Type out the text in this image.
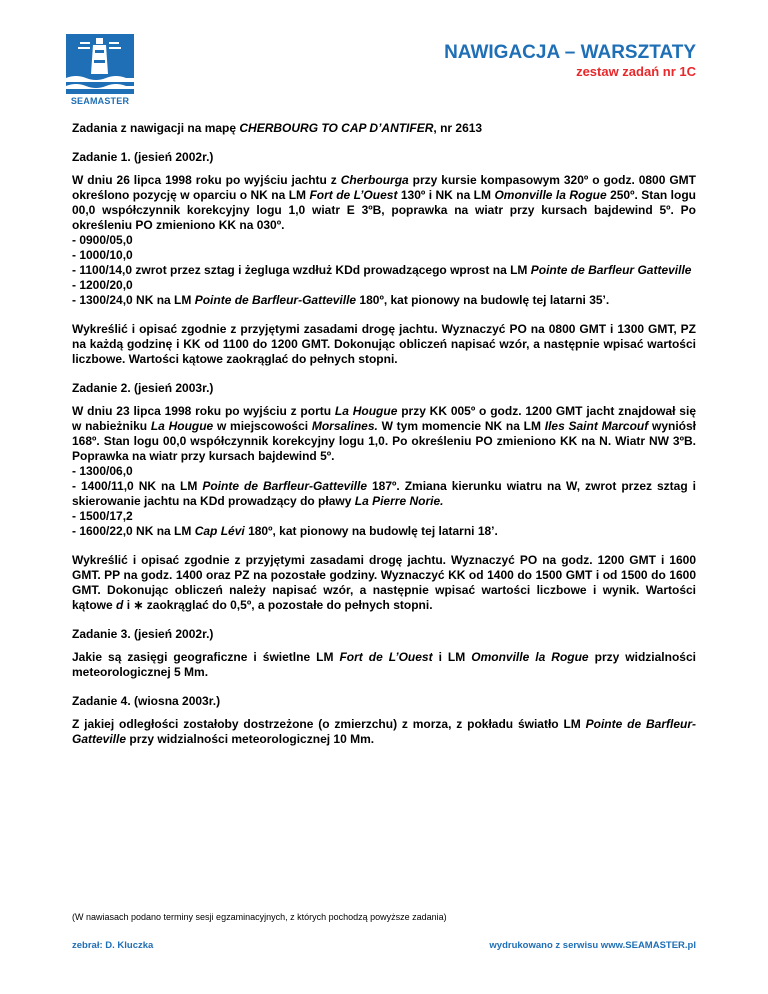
SEAMASTER
NAWIGACJA – WARSZTATY
zestaw zadań nr 1C

Zadania z nawigacji na mapę CHERBOURG TO CAP D’ANTIFER, nr 2613

Zadanie 1. (jesień 2002r.)

W dniu 26 lipca 1998 roku po wyjściu jachtu z Cherbourga przy kursie kompasowym 320º o godz. 0800 GMT określono pozycję w oparciu o NK na LM Fort de L’Ouest 130º i NK na LM Omonville la Rogue 250º. Stan logu 00,0 współczynnik korekcyjny logu 1,0 wiatr E 3ºB, poprawka na wiatr przy kursach bajdewind 5º. Po określeniu PO zmieniono KK na 030º.

- 0900/05,0
- 1000/10,0
- 1100/14,0 zwrot przez sztag i żegluga wzdłuż KDd prowadzącego wprost na LM Pointe de Barfleur Gatteville
- 1200/20,0
- 1300/24,0 NK na LM Pointe de Barfleur-Gatteville 180º, kat pionowy na budowlę tej latarni 35’.

Wykreślić i opisać zgodnie z przyjętymi zasadami drogę jachtu. Wyznaczyć PO na 0800 GMT i 1300 GMT, PZ na każdą godzinę i KK od 1100 do 1200 GMT. Dokonując obliczeń napisać wzór, a następnie wpisać wartości liczbowe. Wartości kątowe zaokrąglać do pełnych stopni.

Zadanie 2. (jesień 2003r.)

W dniu 23 lipca 1998 roku po wyjściu z portu La Hougue przy KK 005º o godz. 1200 GMT jacht znajdował się w nabieżniku La Hougue w miejscowości Morsalines. W tym momencie NK na LM Iles Saint Marcouf wyniósł 168º. Stan logu 00,0 współczynnik korekcyjny logu 1,0. Po określeniu PO zmieniono KK na N. Wiatr NW 3ºB. Poprawka na wiatr przy kursach bajdewind 5º.

- 1300/06,0
- 1400/11,0 NK na LM Pointe de Barfleur-Gatteville 187º. Zmiana kierunku wiatru na W, zwrot przez sztag i skierowanie jachtu na KDd prowadzący do pławy La Pierre Norie.
- 1500/17,2
- 1600/22,0 NK na LM Cap Lévi 180º, kat pionowy na budowlę tej latarni 18’.

Wykreślić i opisać zgodnie z przyjętymi zasadami drogę jachtu. Wyznaczyć PO na godz. 1200 GMT i 1600 GMT. PP na godz. 1400 oraz PZ na pozostałe godziny. Wyznaczyć KK od 1400 do 1500 GMT i od 1500 do 1600 GMT. Dokonując obliczeń należy napisać wzór, a następnie wpisać wartości liczbowe i wynik. Wartości kątowe d i ∗ zaokrąglać do 0,5º, a pozostałe do pełnych stopni.

Zadanie 3. (jesień 2002r.)

Jakie są zasięgi geograficzne i świetlne LM Fort de L’Ouest i LM Omonville la Rogue przy widzialności meteorologicznej 5 Mm.

Zadanie 4. (wiosna 2003r.)

Z jakiej odległości zostałoby dostrzeżone (o zmierzchu) z morza, z pokładu światło LM Pointe de Barfleur-Gatteville przy widzialności meteorologicznej 10 Mm.

(W nawiasach podano terminy sesji egzaminacyjnych, z których pochodzą powyższe zadania)
zebrał: D. Kluczka	wydrukowano z serwisu www.SEAMASTER.pl
